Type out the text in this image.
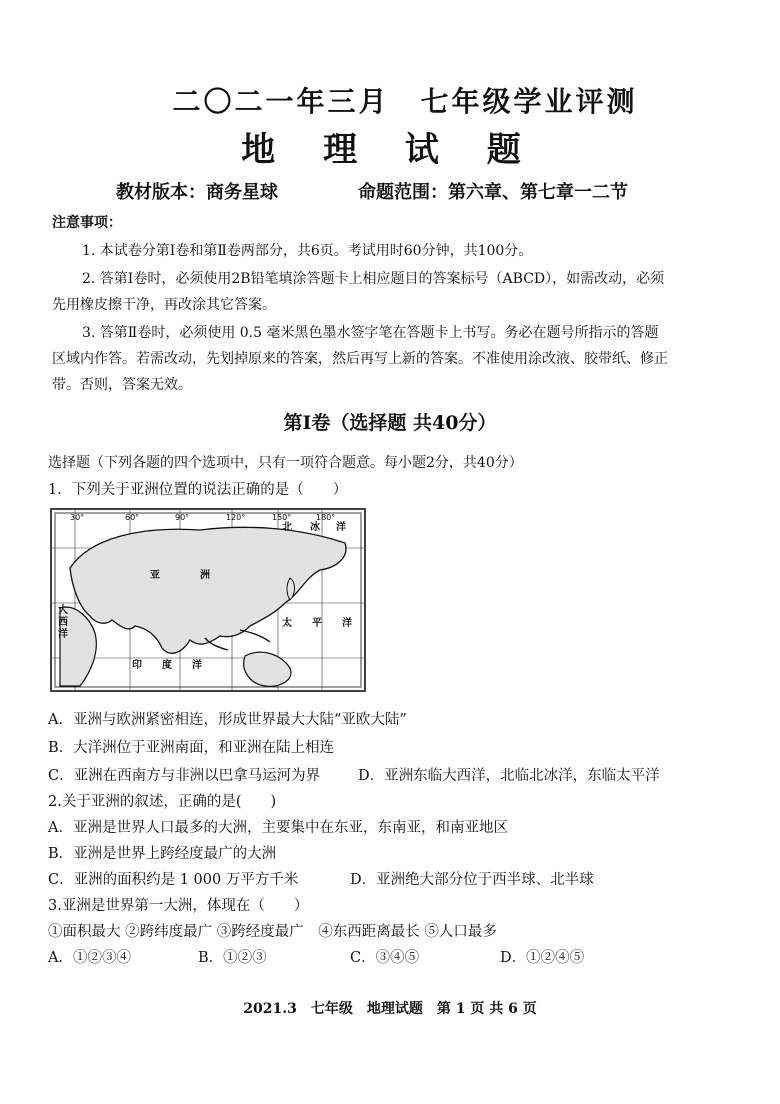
二〇二一年三月　七年级学业评测
地 理 试 题
教材版本：商务星球	命题范围：第六章、第七章一二节
注意事项：
1. 本试卷分第Ⅰ卷和第Ⅱ卷两部分，共6页。考试用时60分钟，共100分。
2. 答第Ⅰ卷时，必须使用2B铅笔填涂答题卡上相应题目的答案标号（ABCD），如需改动，必须
先用橡皮擦干净，再改涂其它答案。
3. 答第Ⅱ卷时，必须使用 0.5 毫米黑色墨水签字笔在答题卡上书写。务必在题号所指示的答题
区域内作答。若需改动，先划掉原来的答案，然后再写上新的答案。不准使用涂改液、胶带纸、修正
带。否则，答案无效。
第Ⅰ卷（选择题 共40分）
选择题（下列各题的四个选项中，只有一项符合题意。每小题2分，共40分）
1．下列关于亚洲位置的说法正确的是（　　）
30°	60°	90°	120°	150°	180°
大
西
洋
亚	洲
北 冰 洋
太 平 洋
印 度 洋
A．亚洲与欧洲紧密相连，形成世界最大大陆“亚欧大陆”
B．大洋洲位于亚洲南面，和亚洲在陆上相连
C．亚洲在西南方与非洲以巴拿马运河为界	D．亚洲东临大西洋，北临北冰洋，东临太平洋
2.关于亚洲的叙述，正确的是(　　)
A．亚洲是世界人口最多的大洲，主要集中在东亚，东南亚，和南亚地区
B．亚洲是世界上跨经度最广的大洲
C．亚洲的面积约是 1 000 万平方千米	D．亚洲绝大部分位于西半球、北半球
3.亚洲是世界第一大洲，体现在（　　）
①面积最大 ②跨纬度最广 ③跨经度最广　④东西距离最长 ⑤人口最多
A．①②③④	B．①②③	C．③④⑤	D．①②④⑤
2021.3　七年级　地理试题　第 1 页 共 6 页
